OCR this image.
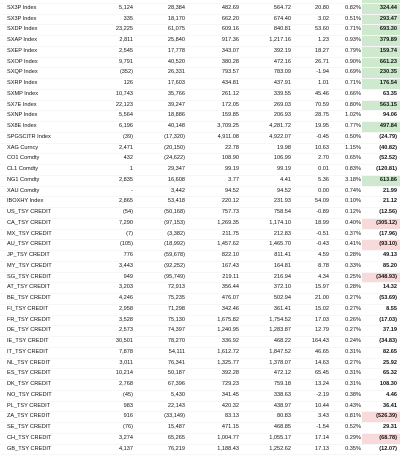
SX3P Index	5,124	28,384	482.69	564.72	20.80	0.82%	324.44
SX3P Index	335	18,170	662.20	674.40	3.02	0.51%	293.47
SXDP Index	23,225	61,075	609.16	840.81	53.60	0.71%	693.30
SXAP Index	2,811	25,840	917.36	1,217.16	1.23	0.93%	379.89
SXEP Index	2,545	17,778	343.07	392.19	18.27	0.79%	159.74
SXOP Index	9,791	40,520	380.28	472.16	26.71	0.90%	661.23
SXQP Index	(352)	26,331	793.57	783.09	-1.94	0.69%	230.35
SXRP Index	126	17,603	434.81	437.91	1.01	0.71%	176.54
SXMP Index	10,743	35,766	261.12	339.55	45.46	0.66%	63.35
SX7E Index	22,123	39,247	172.05	269.03	70.59	0.80%	563.15
SXNP Index	5,564	18,886	159.85	206.93	28.75	1.02%	94.06
SX8E Index	6,196	40,148	3,709.25	4,281.72	19.95	0.77%	497.84
SPGSCITR Index	(39)	(17,320)	4,911.08	4,922.07	-0.45	0.50%	(24.79)
XAG Curncy	2,471	(20,150)	22.78	19.98	10.63	1.15%	(40.82)
CO1 Comdty	432	(24,622)	108.90	106.99	2.70	0.65%	(52.52)
CL1 Comdty	1	29,347	99.19	99.19	0.01	0.83%	(120.81)
NG1 Comdty	2,835	16,608	3.77	4.41	5.36	3.18%	613.86
XAU Comdty	-	3,442	94.52	94.52	0.00	0.74%	21.99
IBOXHY Index	2,865	53,418	220.12	231.93	54.09	0.10%	21.12
US_TSY CREDIT	(54)	(50,168)	757.73	758.54	-0.89	0.12%	(12.56)
CA_TSY CREDIT	7,290	(97,153)	1,269.35	1,174.10	18.99	0.40%	(305.12)
MX_TSY CREDIT	(7)	(3,382)	211.75	212.83	-0.51	0.37%	(17.96)
AU_TSY CREDIT	(105)	(18,992)	1,457.62	1,465.70	-0.43	0.41%	(93.10)
JP_TSY CREDIT	776	(59,678)	822.10	811.41	4.59	0.28%	49.13
MY_TSY CREDIT	3,443	(92,252)	167.43	164.81	8.78	0.33%	85.20
SG_TSY CREDIT	949	(95,749)	219.11	216.94	4.34	0.25%	(348.93)
AT_TSY CREDIT	3,203	72,913	356.44	372.10	15.97	0.28%	14.32
BE_TSY CREDIT	4,246	75,235	476.07	502.94	21.00	0.27%	(53.69)
FI_TSY CREDIT	2,958	71,298	342.46	361.41	15.02	0.27%	8.55
FR_TSY CREDIT	3,528	75,130	1,675.82	1,754.52	17.03	0.26%	(17.03)
DE_TSY CREDIT	2,573	74,397	1,240.95	1,283.87	12.79	0.27%	37.19
IE_TSY CREDIT	30,501	78,270	336.92	468.22	164.43	0.24%	(34.83)
IT_TSY CREDIT	7,878	54,111	1,612.72	1,847.52	46.65	0.31%	82.65
NL_TSY CREDIT	3,011	76,341	1,325.77	1,378.07	14.63	0.27%	25.92
ES_TSY CREDIT	10,214	50,187	392.28	472.12	65.45	0.31%	65.32
DK_TSY CREDIT	2,768	67,396	729.23	759.18	13.24	0.31%	108.30
NO_TSY CREDIT	(45)	5,430	341.45	338.63	-2.19	0.38%	4.46
PL_TSY CREDIT	983	22,143	420.32	438.97	10.44	0.43%	36.41
ZA_TSY CREDIT	916	(33,149)	83.13	80.83	3.43	0.81%	(526.39)
SE_TSY CREDIT	(76)	15,487	471.15	468.85	-1.54	0.52%	29.31
CH_TSY CREDIT	3,274	65,265	1,004.77	1,055.17	17.14	0.29%	(68.78)
GB_TSY CREDIT	4,137	76,219	1,188.43	1,252.62	17.13	0.35%	(12.07)
